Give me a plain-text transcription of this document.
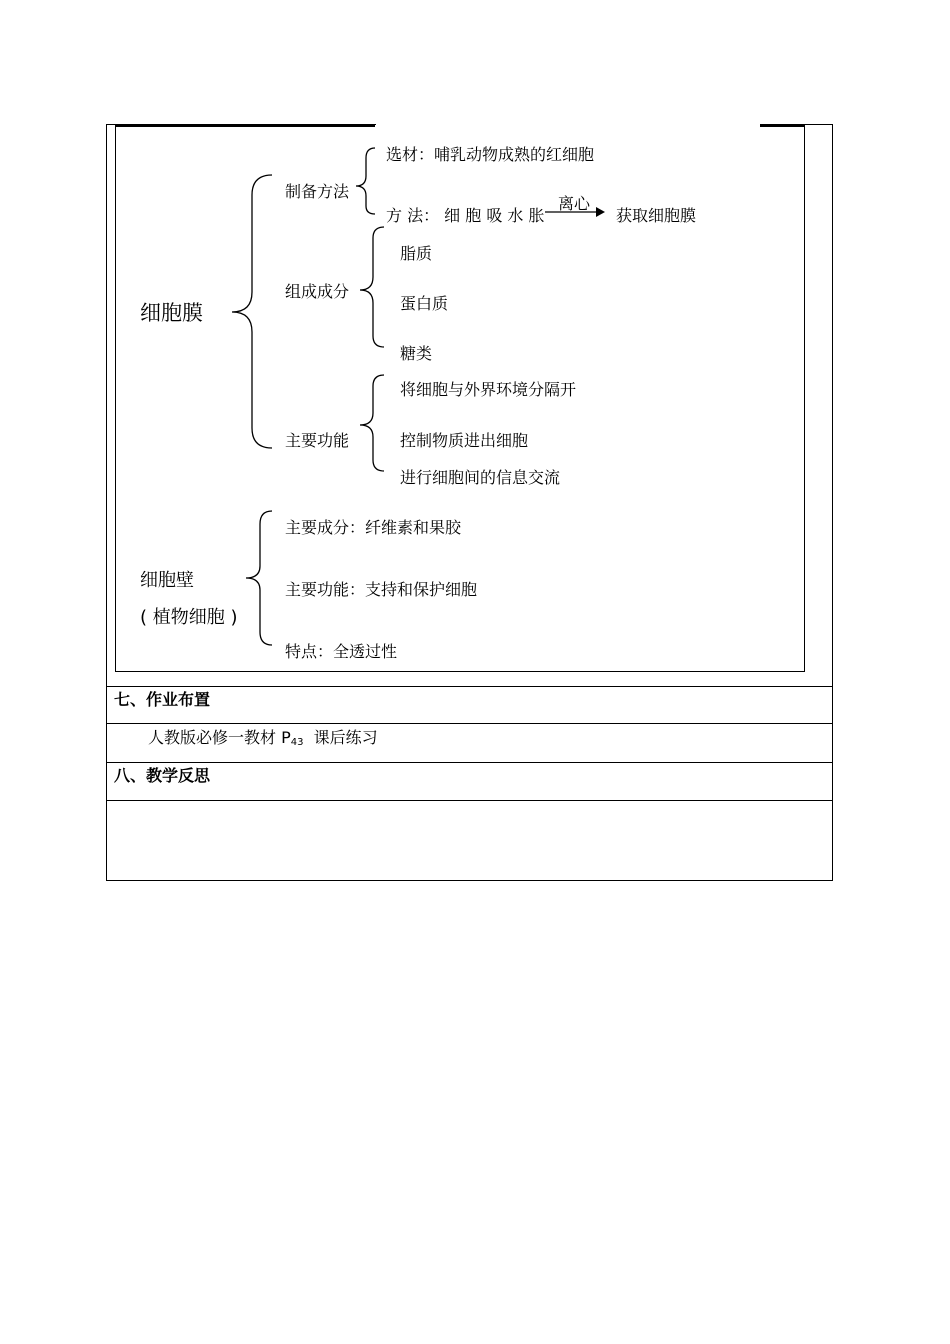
细胞膜
制备方法
选材：哺乳动物成熟的红细胞
方 法： 细 胞 吸 水 胀
离心
获取细胞膜
组成成分
脂质
蛋白质
糖类
主要功能
将细胞与外界环境分隔开
控制物质进出细胞
进行细胞间的信息交流
细胞壁
( 植物细胞 )
主要成分：纤维素和果胶
主要功能：支持和保护细胞
特点：全透过性
七、作业布置
人教版必修一教材 $P_{43}$  课后练习
八、教学反思
